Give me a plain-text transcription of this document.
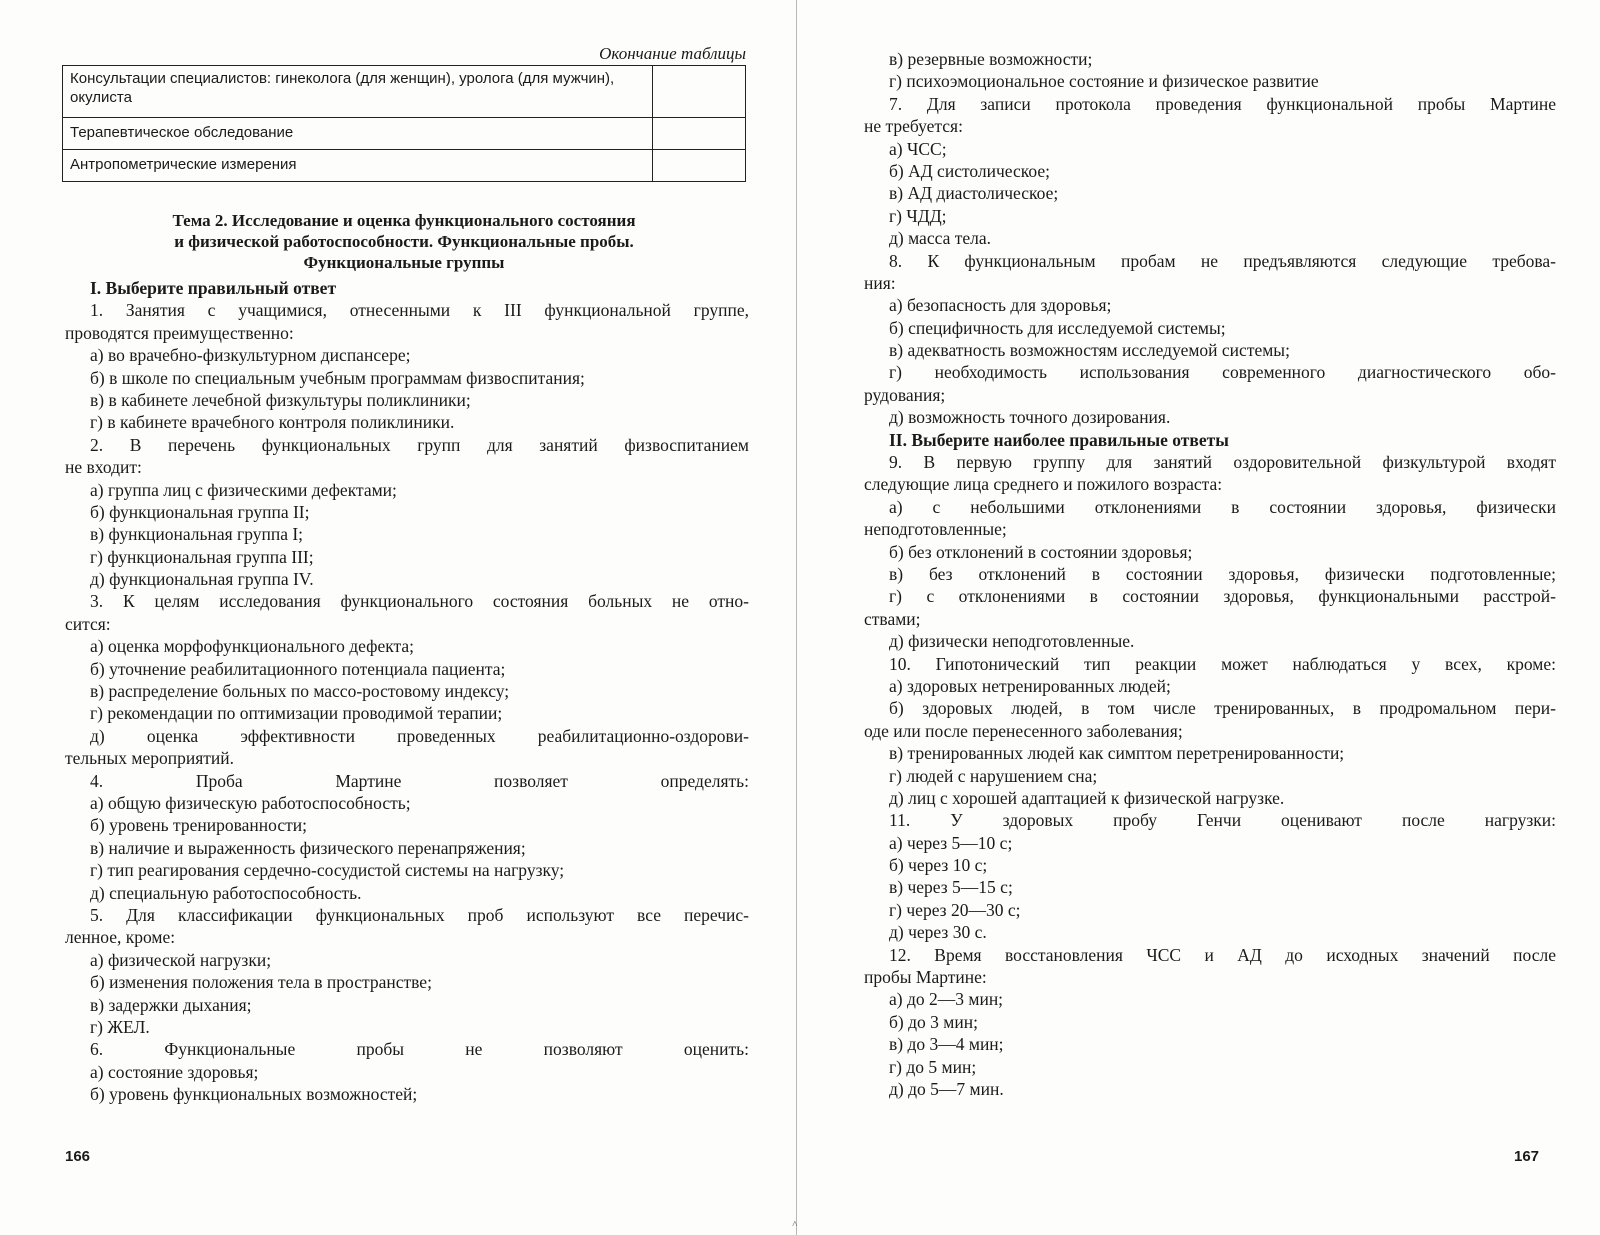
˄
Окончание таблицы
Консультации специалистов: гинеколога (для женщин), уролога (для мужчин), окулиста	
Терапевтическое обследование	
Антропометрические измерения	
Тема 2. Исследование и оценка функционального состояния
и физической работоспособности. Функциональные пробы.
Функциональные группы
I. Выберите правильный ответ
1. Занятия с учащимися, отнесенными к III функциональной группе,
проводятся преимущественно:
а) во врачебно-физкультурном диспансере;
б) в школе по специальным учебным программам физвоспитания;
в) в кабинете лечебной физкультуры поликлиники;
г) в кабинете врачебного контроля поликлиники.
2. В перечень функциональных групп для занятий физвоспитанием
не входит:
а) группа лиц с физическими дефектами;
б) функциональная группа II;
в) функциональная группа I;
г) функциональная группа III;
д) функциональная группа IV.
3. К целям исследования функционального состояния больных не отно-
сится:
а) оценка морфофункционального дефекта;
б) уточнение реабилитационного потенциала пациента;
в) распределение больных по массо-ростовому индексу;
г) рекомендации по оптимизации проводимой терапии;
д) оценка эффективности проведенных реабилитационно-оздорови-
тельных мероприятий.
4. Проба Мартине позволяет определять:
а) общую физическую работоспособность;
б) уровень тренированности;
в) наличие и выраженность физического перенапряжения;
г) тип реагирования сердечно-сосудистой системы на нагрузку;
д) специальную работоспособность.
5. Для классификации функциональных проб используют все перечис-
ленное, кроме:
а) физической нагрузки;
б) изменения положения тела в пространстве;
в) задержки дыхания;
г) ЖЕЛ.
6. Функциональные пробы не позволяют оценить:
а) состояние здоровья;
б) уровень функциональных возможностей;
166
в) резервные возможности;
г) психоэмоциональное состояние и физическое развитие
7. Для записи протокола проведения функциональной пробы Мартине
не требуется:
а) ЧСС;
б) АД систолическое;
в) АД диастолическое;
г) ЧДД;
д) масса тела.
8. К функциональным пробам не предъявляются следующие требова-
ния:
а) безопасность для здоровья;
б) специфичность для исследуемой системы;
в) адекватность возможностям исследуемой системы;
г) необходимость использования современного диагностического обо-
рудования;
д) возможность точного дозирования.
II. Выберите наиболее правильные ответы
9. В первую группу для занятий оздоровительной физкультурой входят
следующие лица среднего и пожилого возраста:
а) с небольшими отклонениями в состоянии здоровья, физически
неподготовленные;
б) без отклонений в состоянии здоровья;
в) без отклонений в состоянии здоровья, физически подготовленные;
г) с отклонениями в состоянии здоровья, функциональными расстрой-
ствами;
д) физически неподготовленные.
10. Гипотонический тип реакции может наблюдаться у всех, кроме:
а) здоровых нетренированных людей;
б) здоровых людей, в том числе тренированных, в продромальном пери-
оде или после перенесенного заболевания;
в) тренированных людей как симптом перетренированности;
г) людей с нарушением сна;
д) лиц с хорошей адаптацией к физической нагрузке.
11. У здоровых пробу Генчи оценивают после нагрузки:
а) через 5—10 с;
б) через 10 с;
в) через 5—15 с;
г) через 20—30 с;
д) через 30 с.
12. Время восстановления ЧСС и АД до исходных значений после
пробы Мартине:
а) до 2—3 мин;
б) до 3 мин;
в) до 3—4 мин;
г) до 5 мин;
д) до 5—7 мин.
167
